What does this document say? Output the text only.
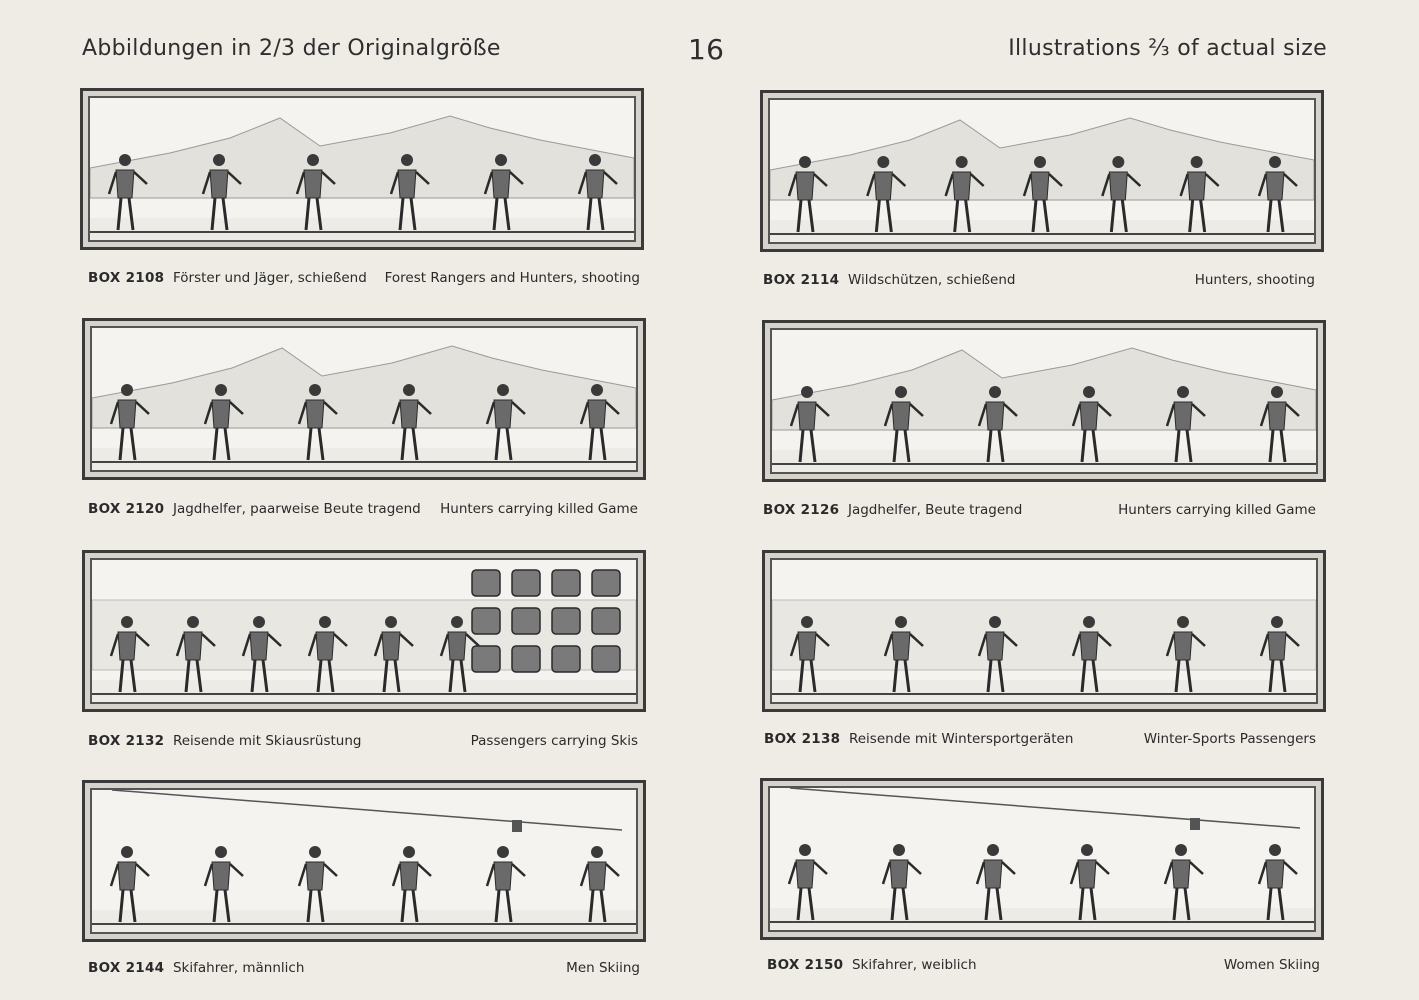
Abbildungen in 2/3 der Originalgröße	16	Illustrations ⅔ of actual size
BOX 2108 Förster und Jäger, schießend Forest Rangers and Hunters, shooting	BOX 2114 Wildschützen, schießend	Hunters, shooting
BOX 2120 Jagdhelfer, paarweise Beute tragend Hunters carrying killed Game	BOX 2126 Jagdhelfer, Beute tragend	Hunters carrying killed Game
BOX 2132 Reisende mit Skiausrüstung	Passengers carrying Skis	BOX 2138 Reisende mit Wintersportgeräten	Winter-Sports Passengers
BOX 2144 Skifahrer, männlich	Men Skiing	BOX 2150 Skifahrer, weiblich	Women Skiing
